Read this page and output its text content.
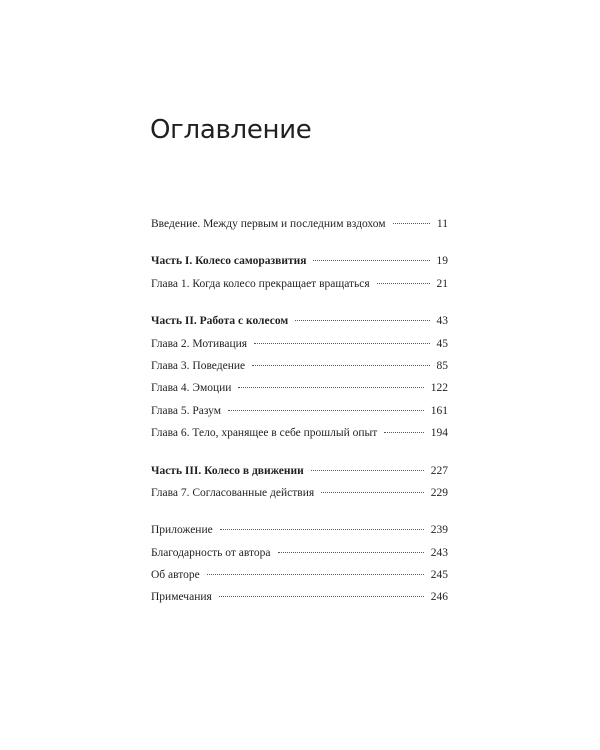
Оглавление
Введение. Между первым и последним вздохом	11
Часть I. Колесо саморазвития	19
Глава 1. Когда колесо прекращает вращаться	21
Часть II. Работа с колесом	43
Глава 2. Мотивация	45
Глава 3. Поведение	85
Глава 4. Эмоции	122
Глава 5. Разум	161
Глава 6. Тело, хранящее в себе прошлый опыт	194
Часть III. Колесо в движении	227
Глава 7. Согласованные действия	229
Приложение	239
Благодарность от автора	243
Об авторе	245
Примечания	246
